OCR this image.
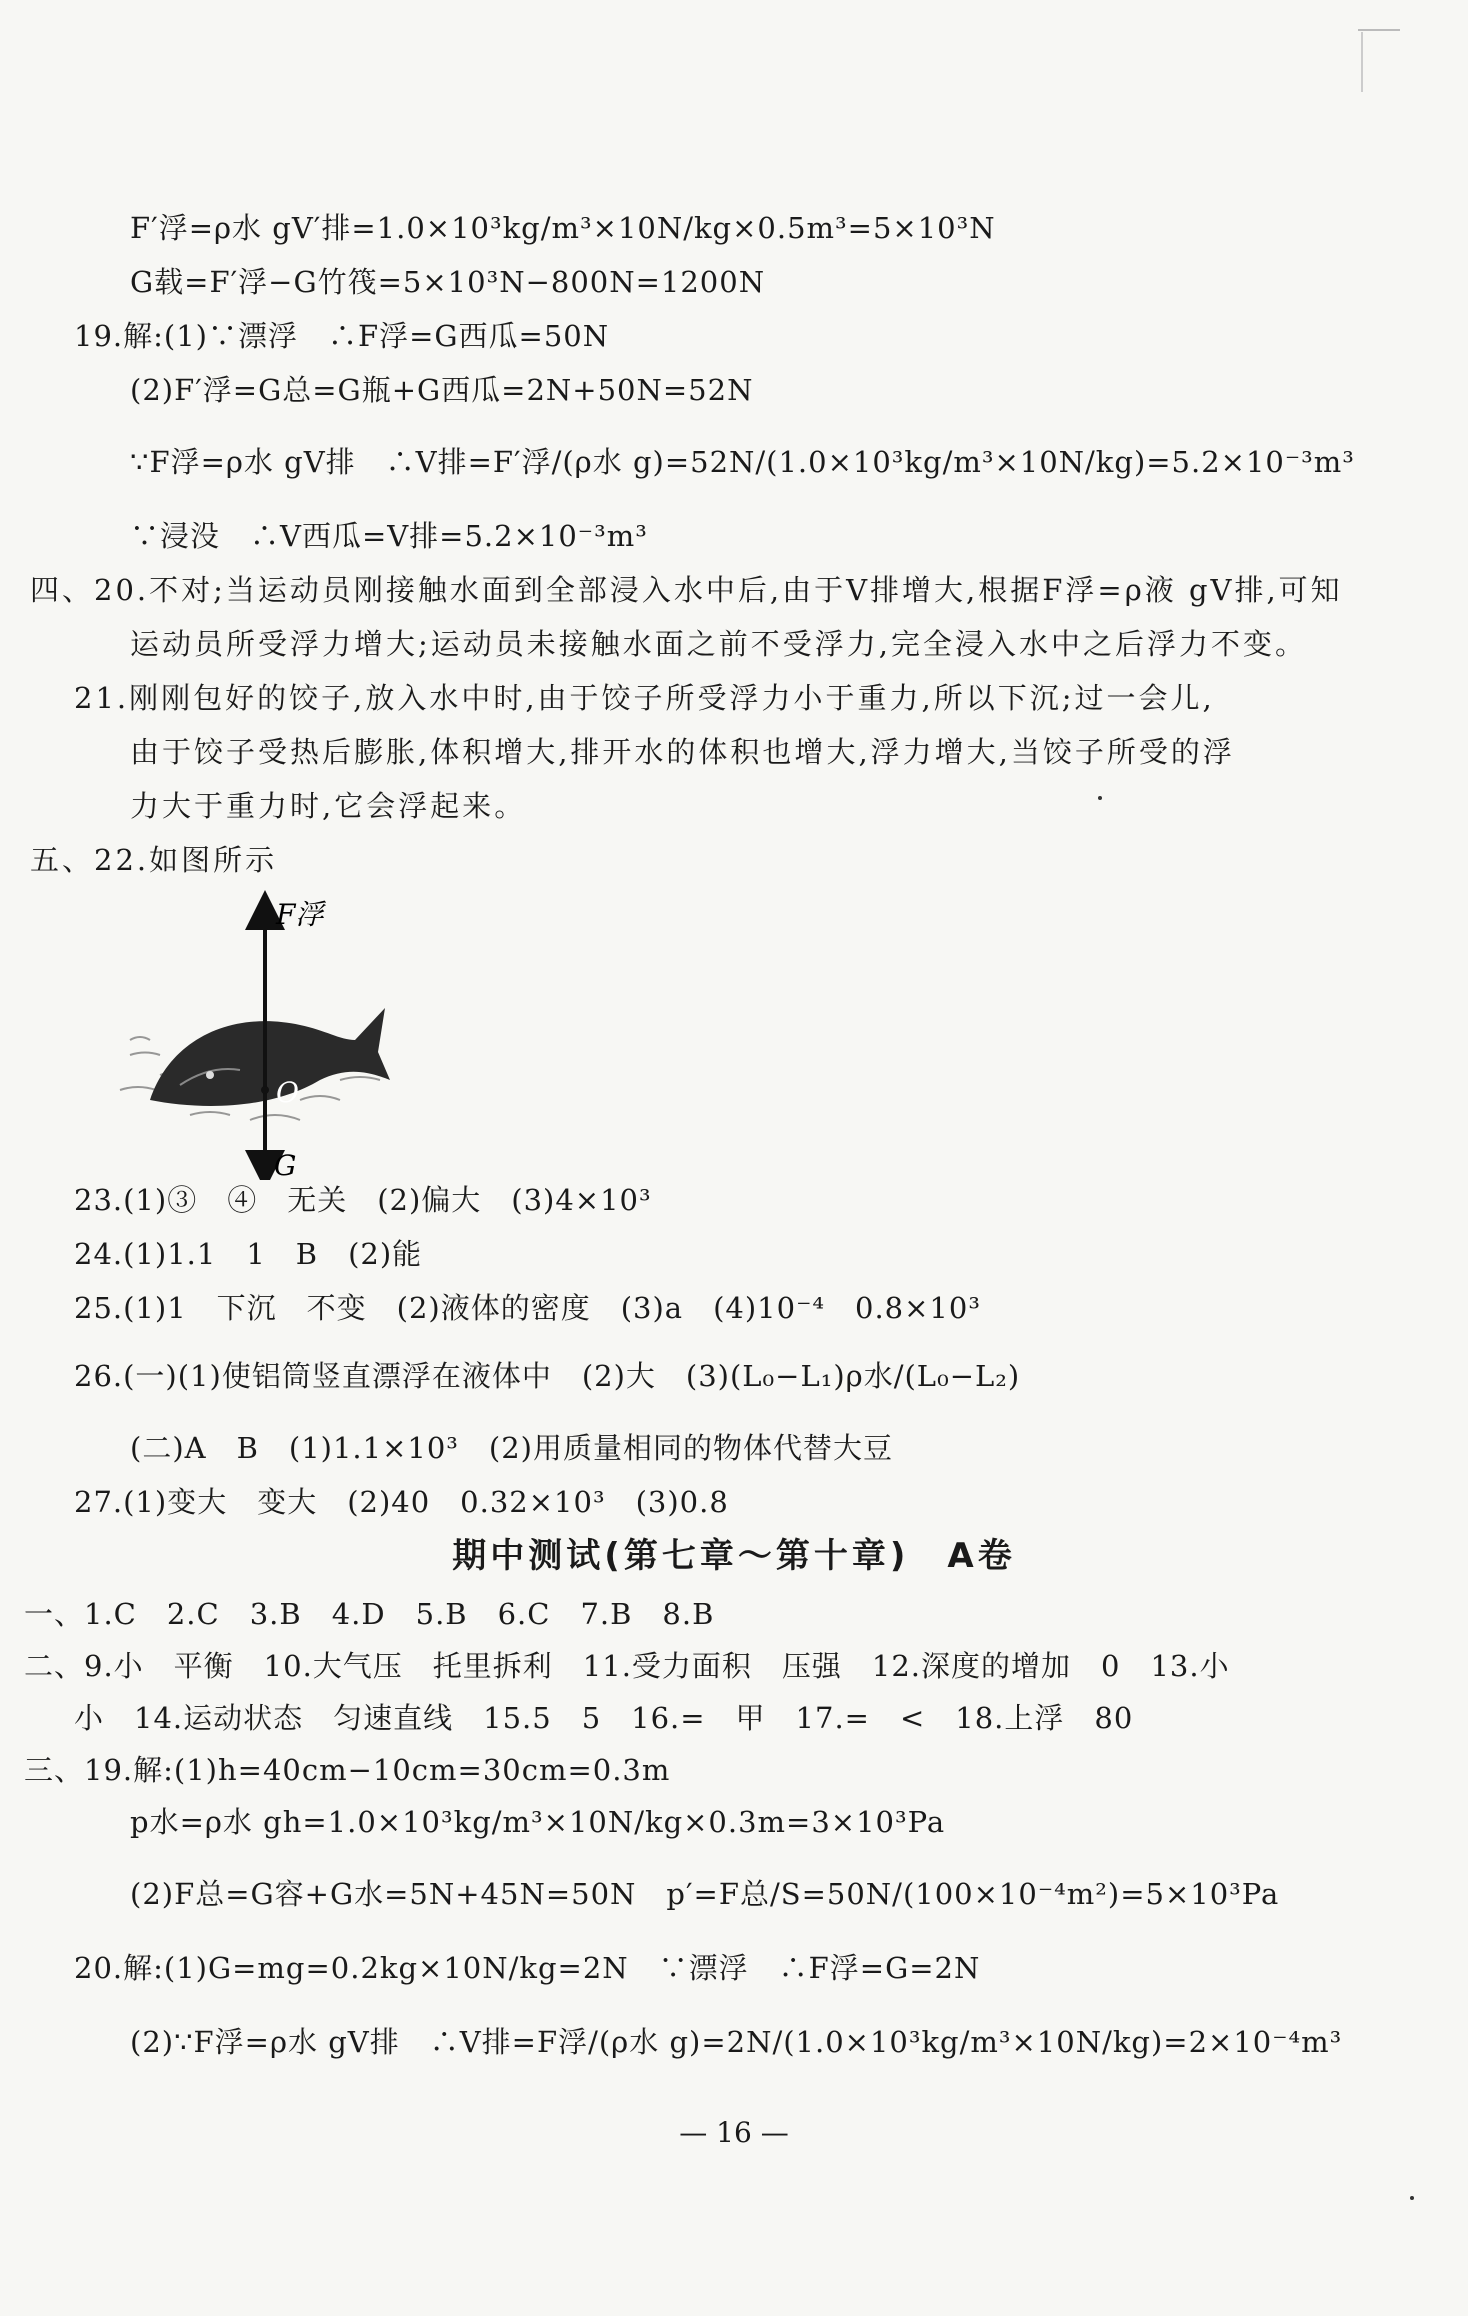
F′浮=ρ水 gV′排=1.0×10³kg/m³×10N/kg×0.5m³=5×10³N
G载=F′浮−G竹筏=5×10³N−800N=1200N
19.解:(1)∵漂浮　∴F浮=G西瓜=50N
(2)F′浮=G总=G瓶+G西瓜=2N+50N=52N
∵F浮=ρ水 gV排　∴V排=F′浮/(ρ水 g)=52N/(1.0×10³kg/m³×10N/kg)=5.2×10⁻³m³
∵浸没　∴V西瓜=V排=5.2×10⁻³m³
四、20.不对;当运动员刚接触水面到全部浸入水中后,由于V排增大,根据F浮=ρ液 gV排,可知
运动员所受浮力增大;运动员未接触水面之前不受浮力,完全浸入水中之后浮力不变。
21.刚刚包好的饺子,放入水中时,由于饺子所受浮力小于重力,所以下沉;过一会儿,
由于饺子受热后膨胀,体积增大,排开水的体积也增大,浮力增大,当饺子所受的浮
力大于重力时,它会浮起来。
五、22.如图所示
F浮
O
G
23.(1)③　④　无关　(2)偏大　(3)4×10³
24.(1)1.1　1　B　(2)能
25.(1)1　下沉　不变　(2)液体的密度　(3)a　(4)10⁻⁴　0.8×10³
26.(一)(1)使铝筒竖直漂浮在液体中　(2)大　(3)(L₀−L₁)ρ水/(L₀−L₂)
(二)A　B　(1)1.1×10³　(2)用质量相同的物体代替大豆
27.(1)变大　变大　(2)40　0.32×10³　(3)0.8
期中测试(第七章～第十章)　A卷
一、1.C　2.C　3.B　4.D　5.B　6.C　7.B　8.B
二、9.小　平衡　10.大气压　托里拆利　11.受力面积　压强　12.深度的增加　0　13.小
小　14.运动状态　匀速直线　15.5　5　16.=　甲　17.=　<　18.上浮　80
三、19.解:(1)h=40cm−10cm=30cm=0.3m
p水=ρ水 gh=1.0×10³kg/m³×10N/kg×0.3m=3×10³Pa
(2)F总=G容+G水=5N+45N=50N　p′=F总/S=50N/(100×10⁻⁴m²)=5×10³Pa
20.解:(1)G=mg=0.2kg×10N/kg=2N　∵漂浮　∴F浮=G=2N
(2)∵F浮=ρ水 gV排　∴V排=F浮/(ρ水 g)=2N/(1.0×10³kg/m³×10N/kg)=2×10⁻⁴m³
— 16 —
